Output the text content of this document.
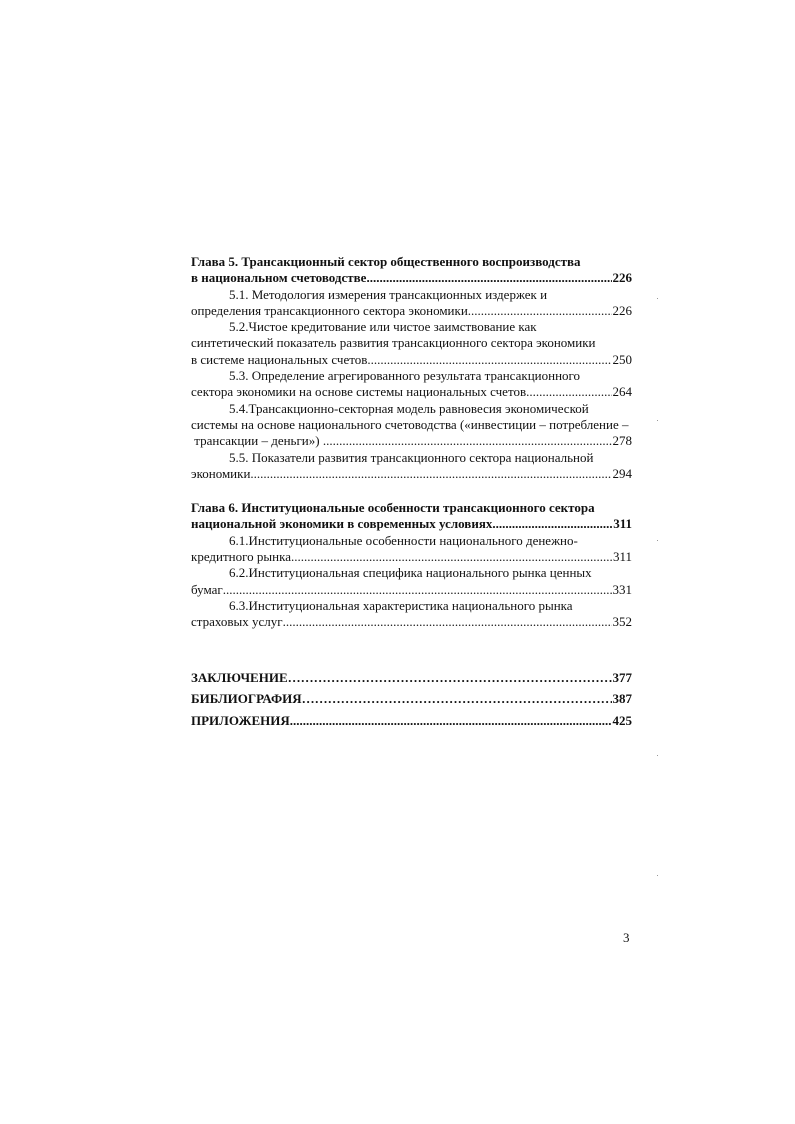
Глава 5. Трансакционный сектор общественного воспроизводства
в национальном счетоводстве .....	226
5.1. Методология измерения трансакционных издержек и
определения трансакционного сектора экономики .....	226
5.2.Чистое кредитование или чистое заимствование как
синтетический показатель развития трансакционного сектора экономики
в системе национальных счетов .....	250
5.3. Определение агрегированного результата трансакционного
сектора экономики на основе системы национальных счетов .....	264
5.4.Трансакционно-секторная модель равновесия экономической
системы на основе национального счетоводства («инвестиции – потребление –
трансакции – деньги») .....	278
5.5. Показатели развития трансакционного сектора национальной
экономики .....	294
Глава 6. Институциональные особенности трансакционного сектора
национальной экономики в современных условиях .....	311
6.1.Институциональные особенности национального денежно-
кредитного рынка .....	311
6.2.Институциональная специфика национального рынка ценных
бумаг .....	331
6.3.Институциональная характеристика национального рынка
страховых услуг .....	352
ЗАКЛЮЧЕНИЕ ……………………………………………………………………………………………………………………………………………	377
БИБЛИОГРАФИЯ ……………………………………………………………………………………………………………………………………………	387
ПРИЛОЖЕНИЯ .....	425
3
